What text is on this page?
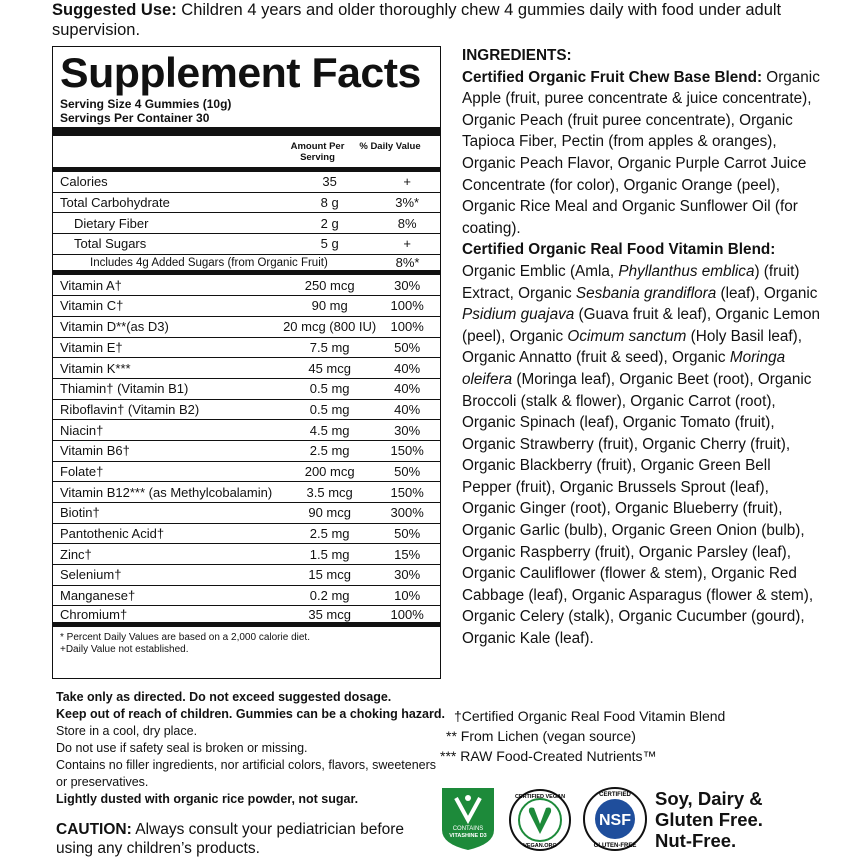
Suggested Use: Children 4 years and older thoroughly chew 4 gummies daily with food under adult supervision.
Supplement Facts
Serving Size 4 Gummies (10g)
Servings Per Container 30
Amount Per Serving
% Daily Value
Calories	35	+
Total Carbohydrate	8 g	3%*
Dietary Fiber	2 g	8%
Total Sugars	5 g	+
Includes 4g Added Sugars (from Organic Fruit)	8%*
Vitamin A†	250 mcg	30%
Vitamin C†	90 mg	100%
Vitamin D**(as D3)	20 mcg (800 IU)	100%
Vitamin E†	7.5 mg	50%
Vitamin K***	45 mcg	40%
Thiamin† (Vitamin B1)	0.5 mg	40%
Riboflavin† (Vitamin B2)	0.5 mg	40%
Niacin†	4.5 mg	30%
Vitamin B6†	2.5 mg	150%
Folate†	200 mcg	50%
Vitamin B12*** (as Methylcobalamin)	3.5 mcg	150%
Biotin†	90 mcg	300%
Pantothenic Acid†	2.5 mg	50%
Zinc†	1.5 mg	15%
Selenium†	15 mcg	30%
Manganese†	0.2 mg	10%
Chromium†	35 mcg	100%
* Percent Daily Values are based on a 2,000 calorie diet.
+Daily Value not established.
Take only as directed. Do not exceed suggested dosage.
Keep out of reach of children. Gummies can be a choking hazard.
Store in a cool, dry place.
Do not use if safety seal is broken or missing.
Contains no filler ingredients, nor artificial colors, flavors, sweeteners or preservatives.
Lightly dusted with organic rice powder, not sugar.
CAUTION: Always consult your pediatrician before using any children’s products.
INGREDIENTS:
Certified Organic Fruit Chew Base Blend: Organic Apple (fruit, puree concentrate & juice concentrate), Organic Peach (fruit puree concentrate), Organic Tapioca Fiber, Pectin (from apples & oranges), Organic Peach Flavor, Organic Purple Carrot Juice Concentrate (for color), Organic Orange (peel), Organic Rice Meal and Organic Sunflower Oil (for coating).
Certified Organic Real Food Vitamin Blend: Organic Emblic (Amla, Phyllanthus emblica) (fruit) Extract, Organic Sesbania grandiflora (leaf), Organic Psidium guajava (Guava fruit & leaf), Organic Lemon (peel), Organic Ocimum sanctum (Holy Basil leaf), Organic Annatto (fruit & seed), Organic Moringa oleifera (Moringa leaf), Organic Beet (root), Organic Broccoli (stalk & flower), Organic Carrot (root), Organic Spinach (leaf), Organic Tomato (fruit), Organic Strawberry (fruit), Organic Cherry (fruit), Organic Blackberry (fruit), Organic Green Bell Pepper (fruit), Organic Brussels Sprout (leaf), Organic Ginger (root), Organic Blueberry (fruit), Organic Garlic (bulb), Organic Green Onion (bulb), Organic Raspberry (fruit), Organic Parsley (leaf), Organic Cauliflower (flower & stem), Organic Red Cabbage (leaf), Organic Asparagus (flower & stem), Organic Celery (stalk), Organic Cucumber (gourd), Organic Kale (leaf).
†Certified Organic Real Food Vitamin Blend
** From Lichen (vegan source)
*** RAW Food-Created Nutrients™
CONTAINS
VITASHINE D3
CERTIFIED VEGAN
VEGAN.ORG
NSF
CERTIFIED
GLUTEN-FREE
Soy, Dairy &
Gluten Free.
Nut-Free.
